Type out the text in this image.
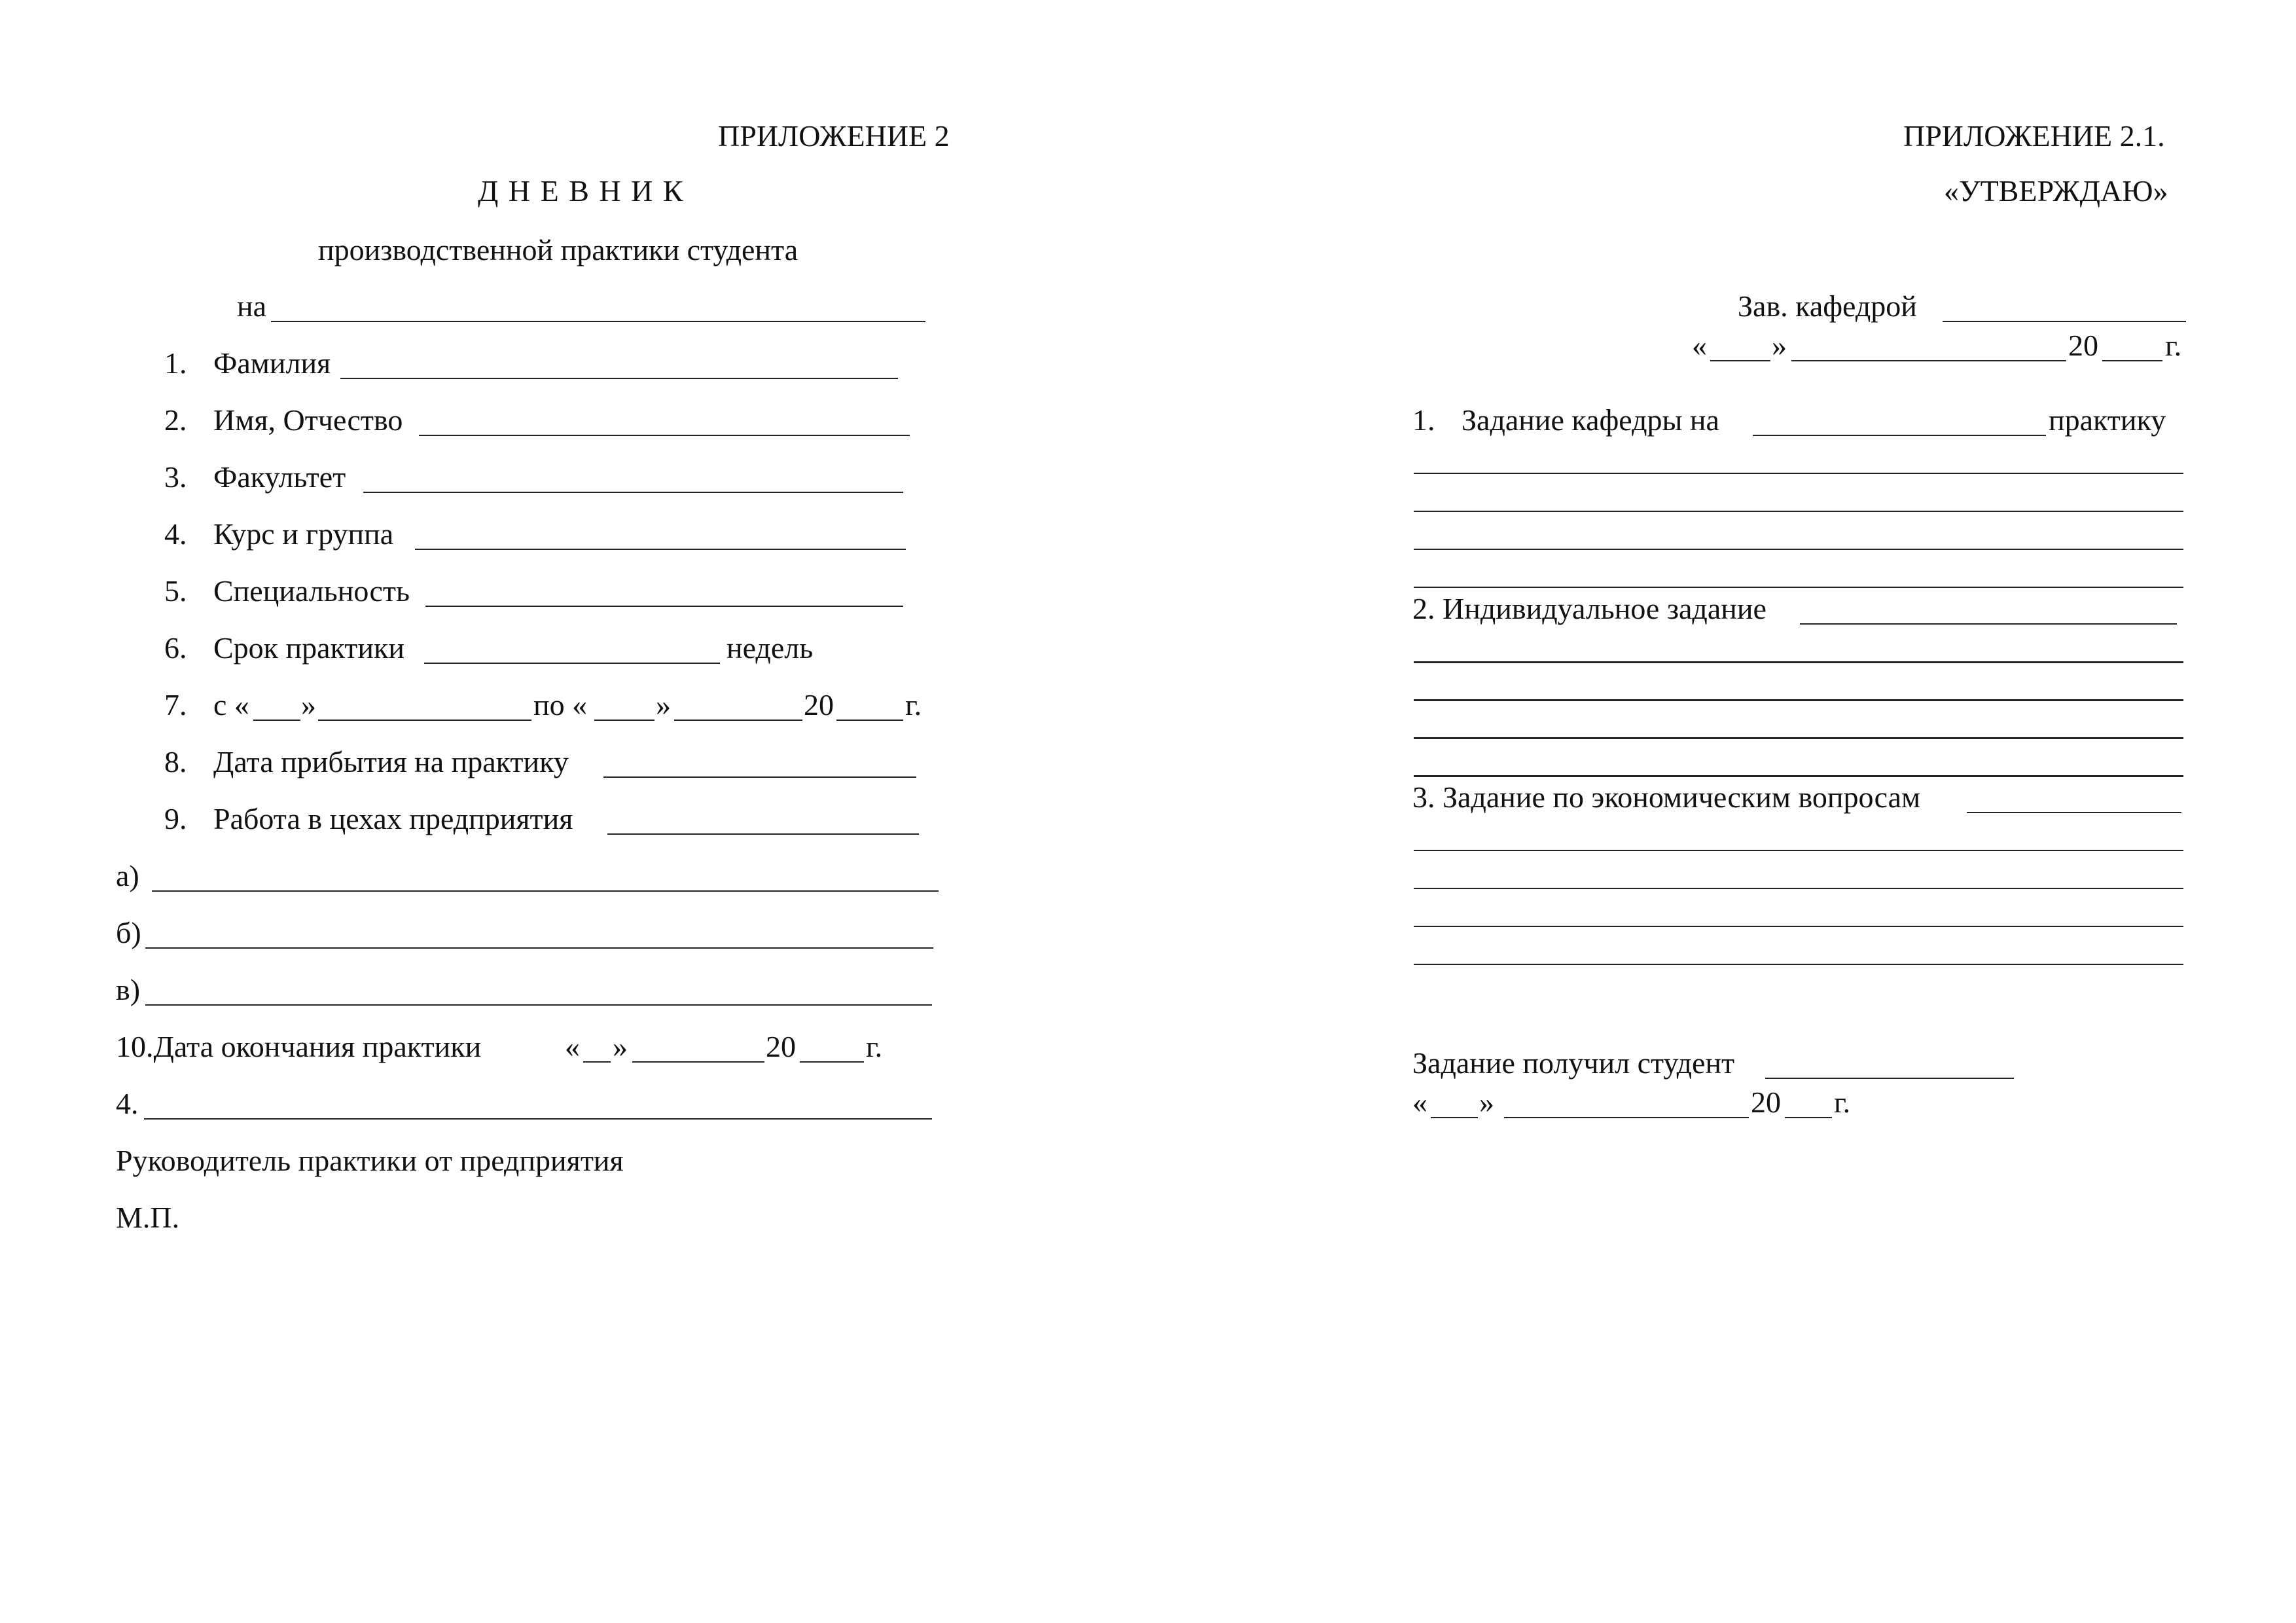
ПРИЛОЖЕНИЕ 2
Д Н Е В Н И К
производственной практики студента
на
1. Фамилия
2. Имя, Отчество
3. Факультет
4. Курс и группа
5. Специальность
6. Срок практики	недель
7. с « »	по « »	20 г.
8. Дата прибытия на практику
9. Работа в цехах предприятия
а)
б)
в)
10.Дата окончания практики	« »	20 г.
4.
Руководитель практики от предприятия
М.П.
ПРИЛОЖЕНИЕ 2.1.
«УТВЕРЖДАЮ»
Зав. кафедрой
« »	20 г.
1. Задание кафедры на	практику
2. Индивидуальное задание
3. Задание по экономическим вопросам
Задание получил студент
« »	20 г.
